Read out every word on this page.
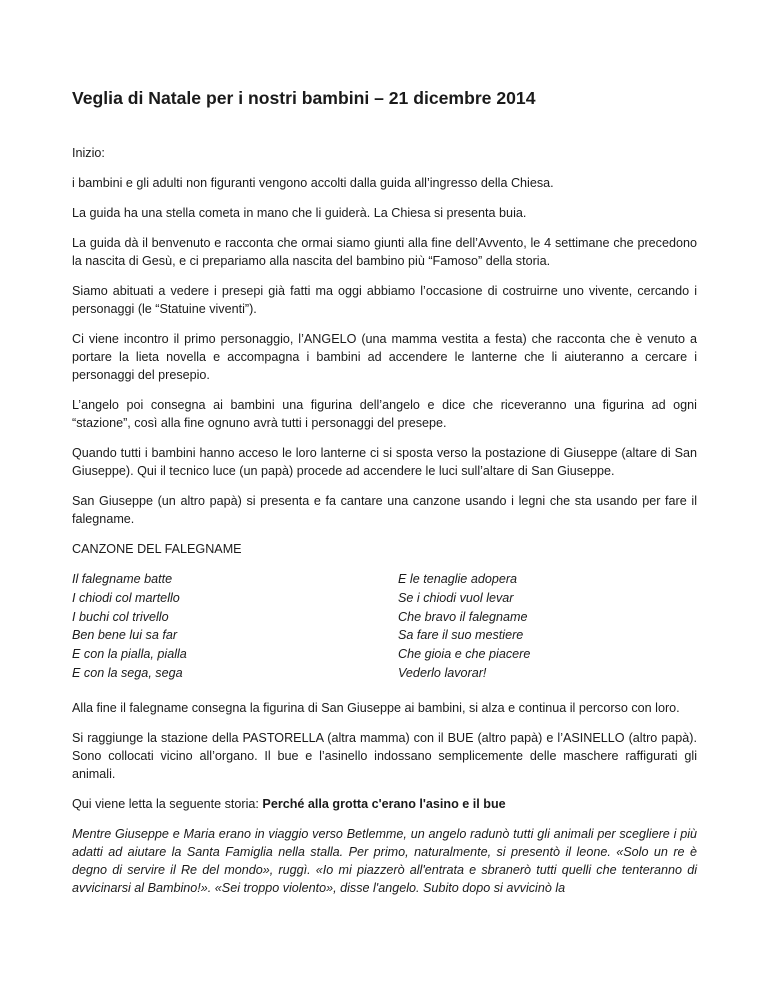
Veglia di Natale per i nostri bambini – 21 dicembre 2014

Inizio:

i bambini e gli adulti non figuranti vengono accolti dalla guida all’ingresso della Chiesa.

La guida ha una stella cometa in mano che li guiderà. La Chiesa si presenta buia.

La guida dà il benvenuto e racconta che ormai siamo giunti alla fine dell’Avvento, le 4 settimane che precedono la nascita di Gesù, e ci prepariamo alla nascita del bambino più “Famoso” della storia.

Siamo abituati a vedere i presepi già fatti ma oggi abbiamo l’occasione di costruirne uno vivente, cercando i personaggi (le “Statuine viventi”).

Ci viene incontro il primo personaggio, l’ANGELO (una mamma vestita a festa) che racconta che è venuto a portare la lieta novella e accompagna i bambini ad accendere le lanterne che li aiuteranno a cercare i personaggi del presepio.

L’angelo poi consegna ai bambini una figurina dell’angelo e dice che riceveranno una figurina ad ogni “stazione”, così alla fine ognuno avrà tutti i personaggi del presepe.

Quando tutti i bambini hanno acceso le loro lanterne ci si sposta verso la postazione di Giuseppe (altare di San Giuseppe). Qui il tecnico luce (un papà) procede ad accendere le luci sull’altare di San Giuseppe.

San Giuseppe (un altro papà) si presenta e fa cantare una canzone usando i legni che sta usando per fare il falegname.

CANZONE DEL FALEGNAME

Il falegname batte
I chiodi col martello
I buchi col trivello
Ben bene lui sa far
E con la pialla, pialla
E con la sega, sega
E le tenaglie adopera
Se i chiodi vuol levar
Che bravo il falegname
Sa fare il suo mestiere
Che gioia e che piacere
Vederlo lavorar!

Alla fine il falegname consegna la figurina di San Giuseppe ai bambini, si alza e continua il percorso con loro.

Si raggiunge la stazione della PASTORELLA (altra mamma) con il BUE (altro papà) e l’ASINELLO (altro papà). Sono collocati vicino all’organo. Il bue e l’asinello indossano semplicemente delle maschere raffigurati gli animali.

Qui viene letta la seguente storia: Perché alla grotta c'erano l'asino e il bue

Mentre Giuseppe e Maria erano in viaggio verso Betlemme, un angelo radunò tutti gli animali per scegliere i più adatti ad aiutare la Santa Famiglia nella stalla. Per primo, naturalmente, si presentò il leone. «Solo un re è degno di servire il Re del mondo», ruggì. «Io mi piazzerò all'entrata e sbranerò tutti quelli che tenteranno di avvicinarsi al Bambino!». «Sei troppo violento», disse l'angelo. Subito dopo si avvicinò la
